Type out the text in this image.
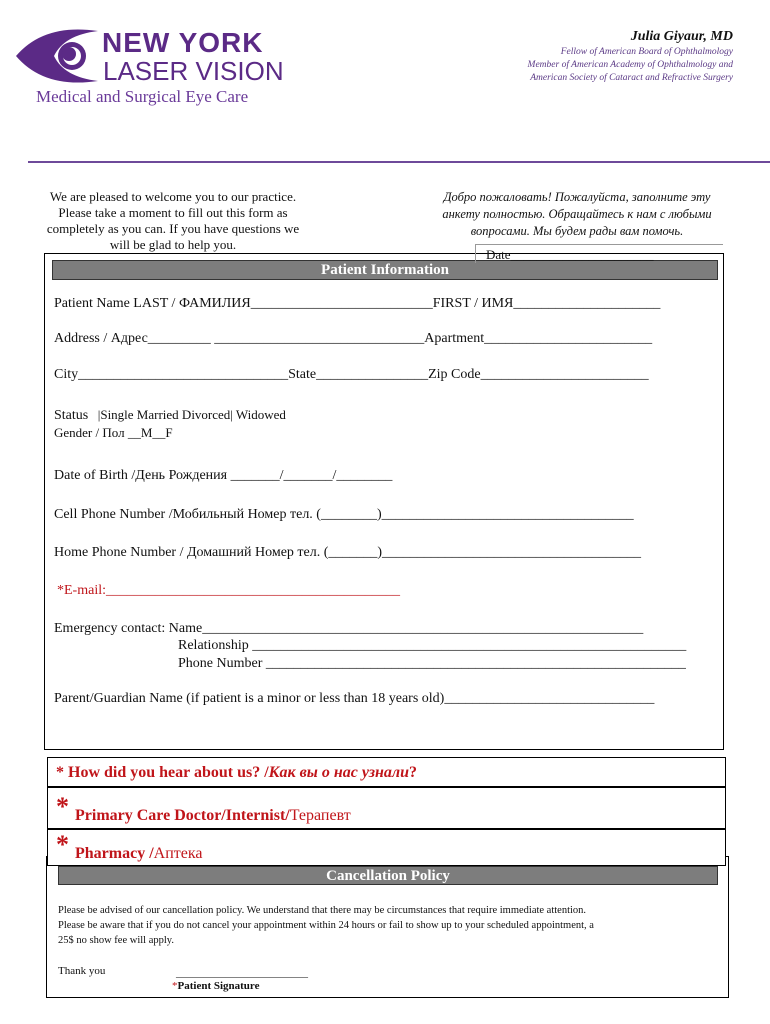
NEW YORK
LASER VISION
Medical and Surgical Eye Care
Julia Giyaur, MD
Fellow of American Board of Ophthalmology
Member of American Academy of Ophthalmology and
American Society of Cataract and Refractive Surgery
We are pleased to welcome you to our practice.
Please take a moment to fill out this form as
completely as you can. If you have questions we
will be glad to help you.
Добро пожаловать! Пожалуйста, заполните эту
анкету полностью. Обращайтесь к нам с любыми
вопросами. Мы будем рады вам помочь.
Patient Information
Date______________________
Patient Name LAST / ФАМИЛИЯ__________________________FIRST / ИМЯ_____________________
Address / Адрес_________ ______________________________Apartment________________________
City______________________________State________________Zip Code________________________
Status |Single Married Divorced| Widowed
Gender / Пол __M__F
Date of Birth /День Рождения _______/_______/________
Cell Phone Number /Мобильный Номер тел. (________)____________________________________
Home Phone Number / Домашний Номер тел. (_______)_____________________________________
*E-mail:__________________________________________
Emergency contact: Name_______________________________________________________________
Relationship ______________________________________________________________
Phone Number ____________________________________________________________
Parent/Guardian Name (if patient is a minor or less than 18 years old)______________________________
* How did you hear about us? /Как вы о нас узнали?
* Primary Care Doctor/Internist/Терапевт
* Pharmacy /Аптека
Cancellation Policy
Please be advised of our cancellation policy. We understand that there may be circumstances that require immediate attention.
Please be aware that if you do not cancel your appointment within 24 hours or fail to show up to your scheduled appointment, a
25$ no show fee will apply.
Thank you	________________________
*Patient Signature
